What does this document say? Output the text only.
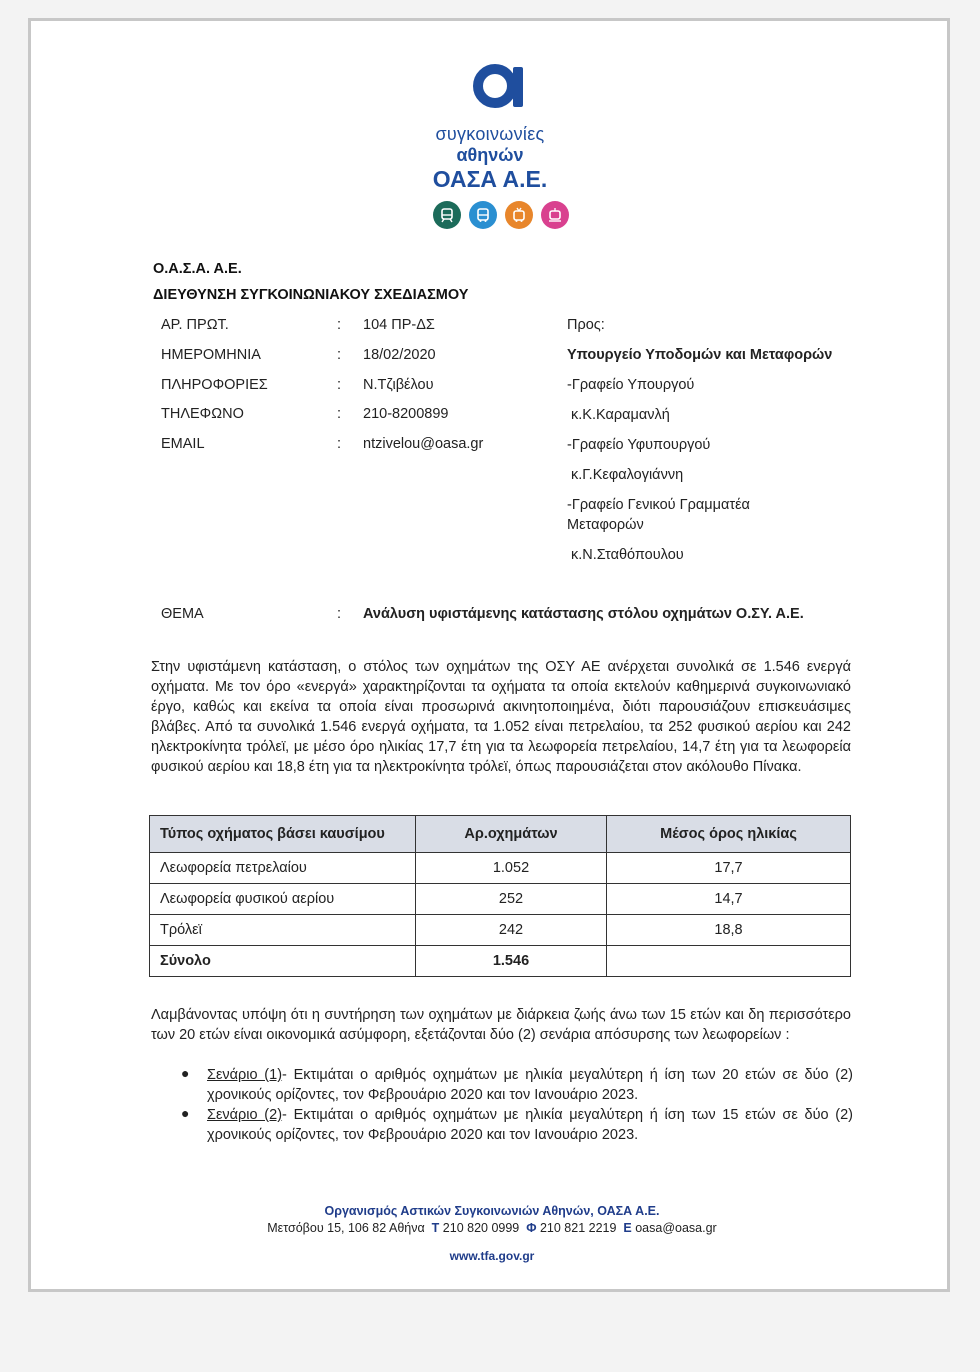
συγκοινωνίες
αθηνών
ΟΑΣΑ Α.Ε.
Ο.Α.Σ.Α. Α.Ε.
ΔΙΕΥΘΥΝΣΗ ΣΥΓΚΟΙΝΩΝΙΑΚΟΥ ΣΧΕΔΙΑΣΜΟΥ
ΑΡ. ΠΡΩΤ.	: 104 ΠΡ-ΔΣ
ΗΜΕΡΟΜΗΝΙΑ	: 18/02/2020
ΠΛΗΡΟΦΟΡΙΕΣ	: Ν.Τζιβέλου
ΤΗΛΕΦΩΝΟ	: 210-8200899
EMAIL	: ntzivelou@oasa.gr
Προς:
Υπουργείο Υποδομών και Μεταφορών
-Γραφείο Υπουργού
κ.Κ.Καραμανλή
-Γραφείο Υφυπουργού
κ.Γ.Κεφαλογιάννη
-Γραφείο Γενικού Γραμματέα
Μεταφορών
κ.Ν.Σταθόπουλου
ΘΕΜΑ	: Ανάλυση υφιστάμενης κατάστασης στόλου οχημάτων Ο.ΣΥ. Α.Ε.
Στην υφιστάμενη κατάσταση, ο στόλος των οχημάτων της ΟΣΥ ΑΕ ανέρχεται συνολικά σε 1.546 ενεργά οχήματα. Με τον όρο «ενεργά» χαρακτηρίζονται τα οχήματα τα οποία εκτελούν καθημερινά συγκοινωνιακό έργο, καθώς και εκείνα τα οποία είναι προσωρινά ακινητοποιημένα, διότι παρουσιάζουν επισκευάσιμες βλάβες. Από τα συνολικά 1.546 ενεργά οχήματα, τα 1.052 είναι πετρελαίου, τα 252 φυσικού αερίου και 242 ηλεκτροκίνητα τρόλεϊ, με μέσο όρο ηλικίας 17,7 έτη για τα λεωφορεία πετρελαίου, 14,7 έτη για τα λεωφορεία φυσικού αερίου και 18,8 έτη για τα ηλεκτροκίνητα τρόλεϊ, όπως παρουσιάζεται στον ακόλουθο Πίνακα.
Τύπος οχήματος βάσει καυσίμου	Αρ.οχημάτων	Μέσος όρος ηλικίας
Λεωφορεία πετρελαίου	1.052	17,7
Λεωφορεία φυσικού αερίου	252	14,7
Τρόλεϊ	242	18,8
Σύνολο	1.546	
Λαμβάνοντας υπόψη ότι η συντήρηση των οχημάτων με διάρκεια ζωής άνω των 15 ετών και δη περισσότερο των 20 ετών είναι οικονομικά ασύμφορη, εξετάζονται δύο (2) σενάρια απόσυρσης των λεωφορείων :
● Σενάριο (1)- Εκτιμάται ο αριθμός οχημάτων με ηλικία μεγαλύτερη ή ίση των 20 ετών σε δύο (2) χρονικούς ορίζοντες, τον Φεβρουάριο 2020 και τον Ιανουάριο 2023.
● Σενάριο (2)- Εκτιμάται ο αριθμός οχημάτων με ηλικία μεγαλύτερη ή ίση των 15 ετών σε δύο (2) χρονικούς ορίζοντες, τον Φεβρουάριο 2020 και τον Ιανουάριο 2023.
Οργανισμός Αστικών Συγκοινωνιών Αθηνών, ΟΑΣΑ Α.Ε.
Μετσόβου 15, 106 82 Αθήνα Τ 210 820 0999 Φ 210 821 2219 Ε oasa@oasa.gr
www.tfa.gov.gr
